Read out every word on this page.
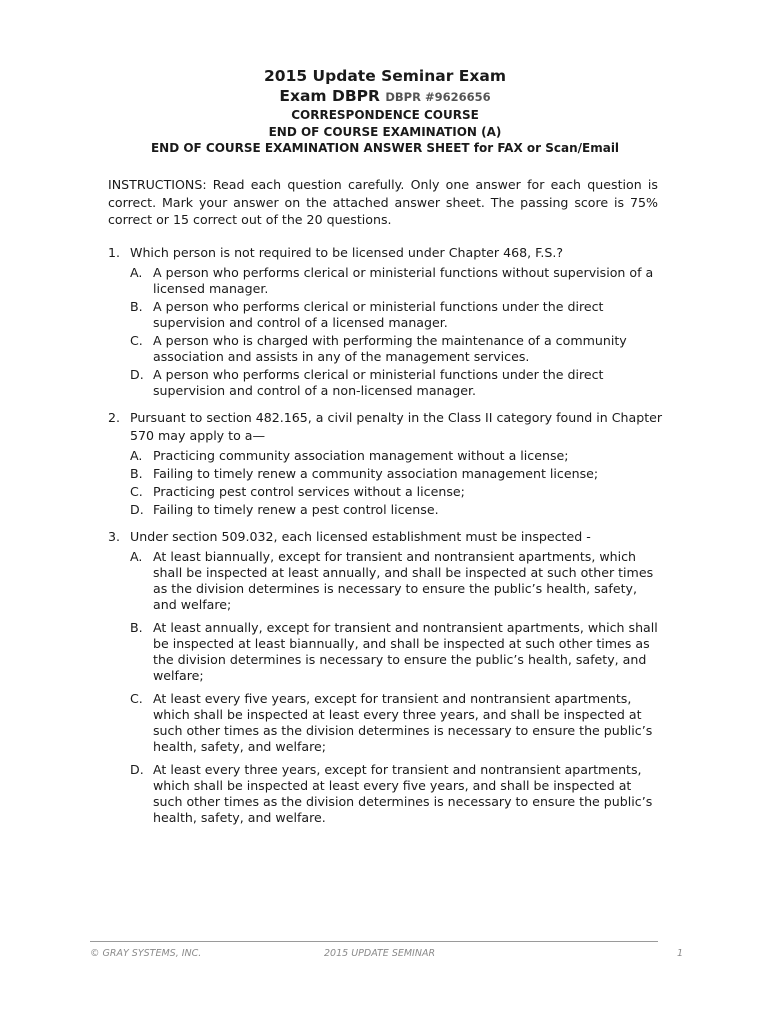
2015 Update Seminar Exam
Exam DBPR DBPR #9626656
CORRESPONDENCE COURSE
END OF COURSE EXAMINATION (A)
END OF COURSE EXAMINATION ANSWER SHEET for FAX or Scan/Email
INSTRUCTIONS: Read each question carefully. Only one answer for each question is correct. Mark your answer on the attached answer sheet. The passing score is 75% correct or 15 correct out of the 20 questions.
1. Which person is not required to be licensed under Chapter 468, F.S.?
A. A person who performs clerical or ministerial functions without supervision of a licensed manager.
B. A person who performs clerical or ministerial functions under the direct supervision and control of a licensed manager.
C. A person who is charged with performing the maintenance of a community association and assists in any of the management services.
D. A person who performs clerical or ministerial functions under the direct supervision and control of a non-licensed manager.
2. Pursuant to section 482.165, a civil penalty in the Class II category found in Chapter 570 may apply to a—
A. Practicing community association management without a license;
B. Failing to timely renew a community association management license;
C. Practicing pest control services without a license;
D. Failing to timely renew a pest control license.
3. Under section 509.032, each licensed establishment must be inspected -
A. At least biannually, except for transient and nontransient apartments, which shall be inspected at least annually, and shall be inspected at such other times as the division determines is necessary to ensure the public’s health, safety, and welfare;
B. At least annually, except for transient and nontransient apartments, which shall be inspected at least biannually, and shall be inspected at such other times as the division determines is necessary to ensure the public’s health, safety, and welfare;
C. At least every five years, except for transient and nontransient apartments, which shall be inspected at least every three years, and shall be inspected at such other times as the division determines is necessary to ensure the public’s health, safety, and welfare;
D. At least every three years, except for transient and nontransient apartments, which shall be inspected at least every five years, and shall be inspected at such other times as the division determines is necessary to ensure the public’s health, safety, and welfare.
© GRAY SYSTEMS, INC.	2015 UPDATE SEMINAR	1
